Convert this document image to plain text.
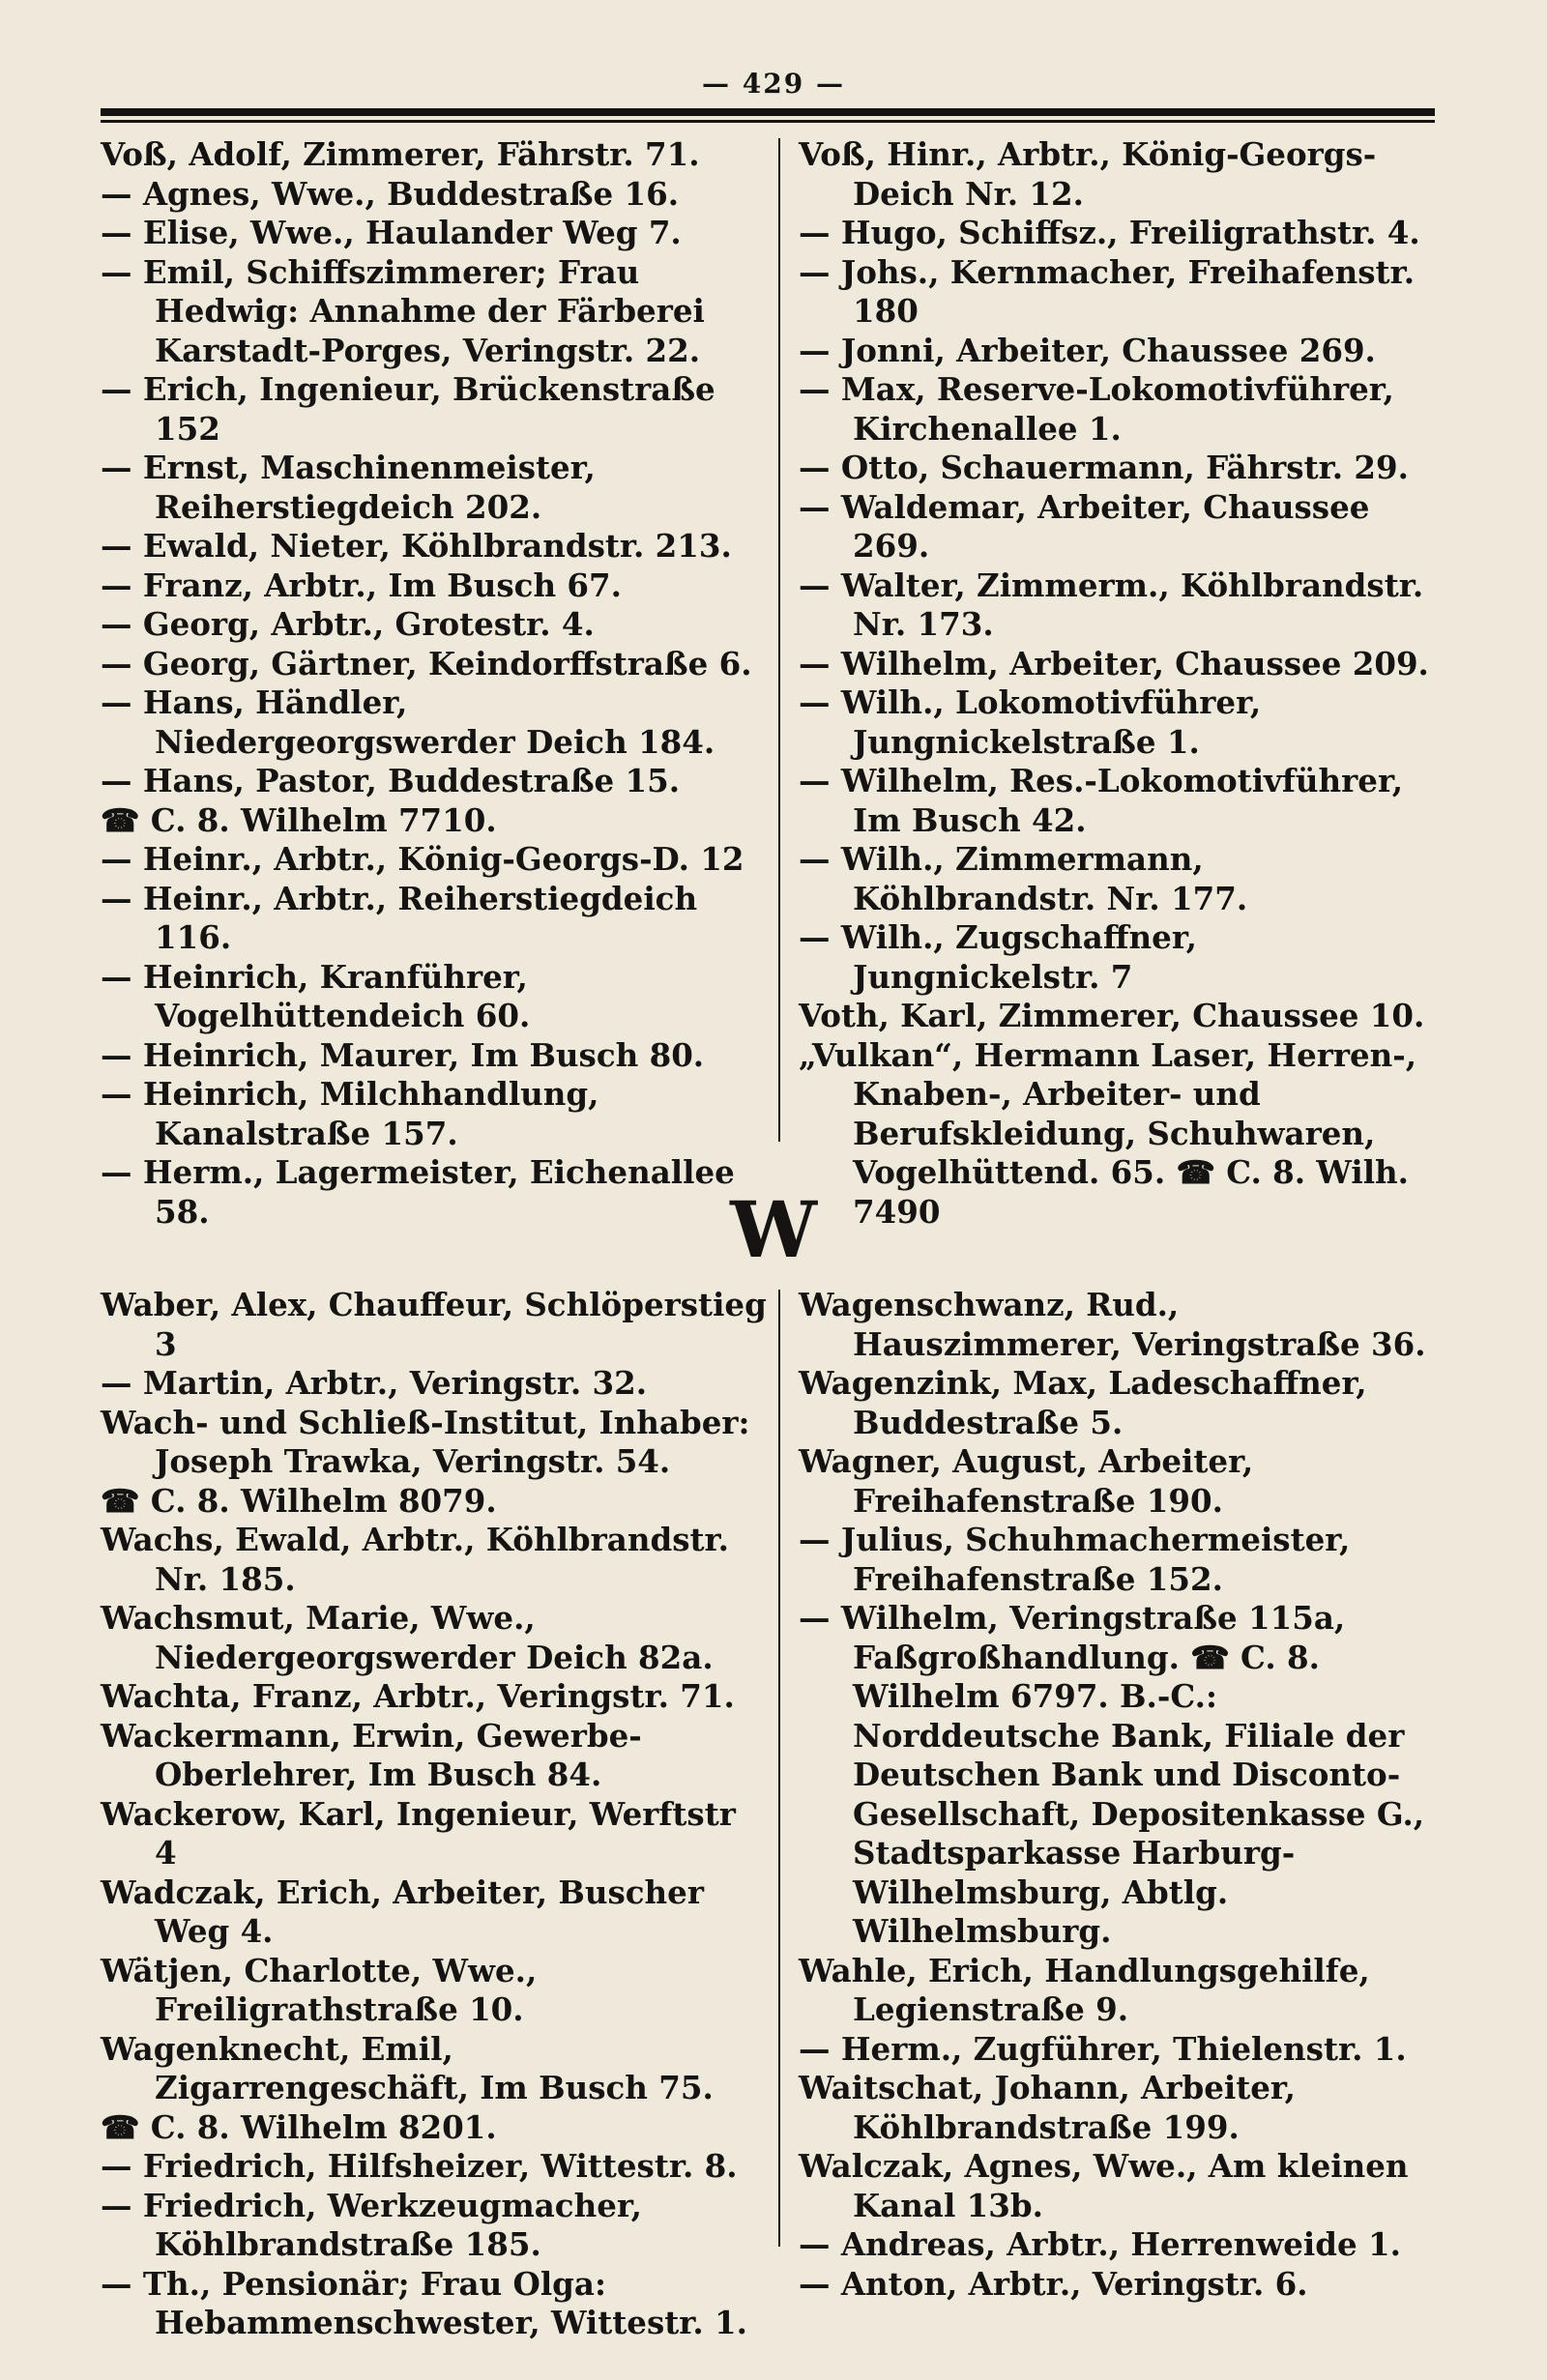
— 429 —
Voß, Adolf, Zimmerer, Fährstr. 71.
— Agnes, Wwe., Buddestraße 16.
— Elise, Wwe., Haulander Weg 7.
— Emil, Schiffszimmerer; Frau Hedwig: Annahme der Färberei Karstadt-Porges, Veringstr. 22.
— Erich, Ingenieur, Brückenstraße 152
— Ernst, Maschinenmeister, Reiherstiegdeich 202.
— Ewald, Nieter, Köhlbrandstr. 213.
— Franz, Arbtr., Im Busch 67.
— Georg, Arbtr., Grotestr. 4.
— Georg, Gärtner, Keindorffstraße 6.
— Hans, Händler, Niedergeorgswerder Deich 184.
— Hans, Pastor, Buddestraße 15.
☎ C. 8. Wilhelm 7710.
— Heinr., Arbtr., König-Georgs-D. 12
— Heinr., Arbtr., Reiherstiegdeich 116.
— Heinrich, Kranführer, Vogelhüttendeich 60.
— Heinrich, Maurer, Im Busch 80.
— Heinrich, Milchhandlung, Kanalstraße 157.
— Herm., Lagermeister, Eichenallee 58.
Voß, Hinr., Arbtr., König-Georgs-Deich Nr. 12.
— Hugo, Schiffsz., Freiligrathstr. 4.
— Johs., Kernmacher, Freihafenstr. 180
— Jonni, Arbeiter, Chaussee 269.
— Max, Reserve-Lokomotivführer, Kirchenallee 1.
— Otto, Schauermann, Fährstr. 29.
— Waldemar, Arbeiter, Chaussee 269.
— Walter, Zimmerm., Köhlbrandstr. Nr. 173.
— Wilhelm, Arbeiter, Chaussee 209.
— Wilh., Lokomotivführer, Jungnickelstraße 1.
— Wilhelm, Res.-Lokomotivführer, Im Busch 42.
— Wilh., Zimmermann, Köhlbrandstr. Nr. 177.
— Wilh., Zugschaffner, Jungnickelstr. 7
Voth, Karl, Zimmerer, Chaussee 10.
„Vulkan“, Hermann Laser, Herren-, Knaben-, Arbeiter- und Berufskleidung, Schuhwaren, Vogelhüttend. 65. ☎ C. 8. Wilh. 7490
W
Waber, Alex, Chauffeur, Schlöperstieg 3
— Martin, Arbtr., Veringstr. 32.
Wach- und Schließ-Institut, Inhaber: Joseph Trawka, Veringstr. 54.
☎ C. 8. Wilhelm 8079.
Wachs, Ewald, Arbtr., Köhlbrandstr. Nr. 185.
Wachsmut, Marie, Wwe., Niedergeorgswerder Deich 82a.
Wachta, Franz, Arbtr., Veringstr. 71.
Wackermann, Erwin, Gewerbe-Oberlehrer, Im Busch 84.
Wackerow, Karl, Ingenieur, Werftstr 4
Wadczak, Erich, Arbeiter, Buscher Weg 4.
Wätjen, Charlotte, Wwe., Freiligrathstraße 10.
Wagenknecht, Emil, Zigarrengeschäft, Im Busch 75.
☎ C. 8. Wilhelm 8201.
— Friedrich, Hilfsheizer, Wittestr. 8.
— Friedrich, Werkzeugmacher, Köhlbrandstraße 185.
— Th., Pensionär; Frau Olga: Hebammenschwester, Wittestr. 1.
Wagenschwanz, Rud., Hauszimmerer, Veringstraße 36.
Wagenzink, Max, Ladeschaffner, Buddestraße 5.
Wagner, August, Arbeiter, Freihafenstraße 190.
— Julius, Schuhmachermeister, Freihafenstraße 152.
— Wilhelm, Veringstraße 115a, Faßgroßhandlung. ☎ C. 8. Wilhelm 6797. B.-C.: Norddeutsche Bank, Filiale der Deutschen Bank und Disconto-Gesellschaft, Depositenkasse G., Stadtsparkasse Harburg-Wilhelmsburg, Abtlg. Wilhelmsburg.
Wahle, Erich, Handlungsgehilfe, Legienstraße 9.
— Herm., Zugführer, Thielenstr. 1.
Waitschat, Johann, Arbeiter, Köhlbrandstraße 199.
Walczak, Agnes, Wwe., Am kleinen Kanal 13b.
— Andreas, Arbtr., Herrenweide 1.
— Anton, Arbtr., Veringstr. 6.
